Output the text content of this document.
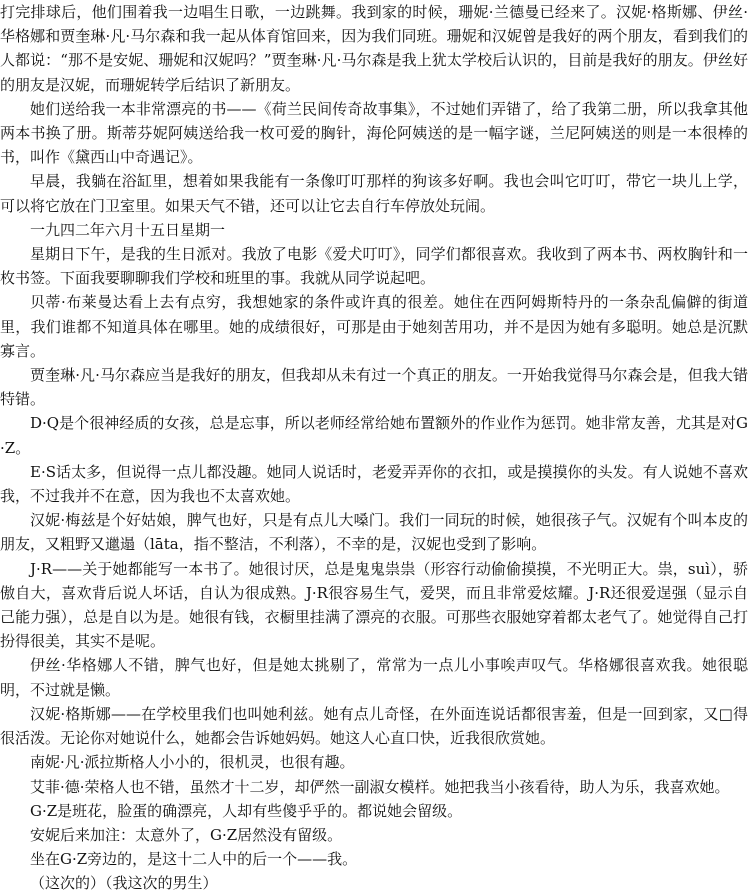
打完排球后，他们围着我一边唱生日歌，一边跳舞。我到家的时候，珊妮·兰德曼已经来了。汉妮·格斯娜、伊丝·华格娜和贾奎琳·凡·马尔森和我一起从体育馆回来，因为我们同班。珊妮和汉妮曾是我好的两个朋友，看到我们的人都说：“那不是安妮、珊妮和汉妮吗？”贾奎琳·凡·马尔森是我上犹太学校后认识的，目前是我好的朋友。伊丝好的朋友是汉妮，而珊妮转学后结识了新朋友。

她们送给我一本非常漂亮的书——《荷兰民间传奇故事集》，不过她们弄错了，给了我第二册，所以我拿其他两本书换了册。斯蒂芬妮阿姨送给我一枚可爱的胸针，海伦阿姨送的是一幅字谜，兰尼阿姨送的则是一本很棒的书，叫作《黛西山中奇遇记》。

早晨，我躺在浴缸里，想着如果我能有一条像叮叮那样的狗该多好啊。我也会叫它叮叮，带它一块儿上学，可以将它放在门卫室里。如果天气不错，还可以让它去自行车停放处玩闹。

一九四二年六月十五日星期一

星期日下午，是我的生日派对。我放了电影《爱犬叮叮》，同学们都很喜欢。我收到了两本书、两枚胸针和一枚书签。下面我要聊聊我们学校和班里的事。我就从同学说起吧。

贝蒂·布莱曼达看上去有点穷，我想她家的条件或许真的很差。她住在西阿姆斯特丹的一条杂乱偏僻的街道里，我们谁都不知道具体在哪里。她的成绩很好，可那是由于她刻苦用功，并不是因为她有多聪明。她总是沉默寡言。

贾奎琳·凡·马尔森应当是我好的朋友，但我却从未有过一个真正的朋友。一开始我觉得马尔森会是，但我大错特错。

D·Q是个很神经质的女孩，总是忘事，所以老师经常给她布置额外的作业作为惩罚。她非常友善，尤其是对G·Z。

E·S话太多，但说得一点儿都没趣。她同人说话时，老爱弄弄你的衣扣，或是摸摸你的头发。有人说她不喜欢我，不过我并不在意，因为我也不太喜欢她。

汉妮·梅兹是个好姑娘，脾气也好，只是有点儿大嗓门。我们一同玩的时候，她很孩子气。汉妮有个叫本皮的朋友，又粗野又邋遢（lāta，指不整洁，不利落），不幸的是，汉妮也受到了影响。

J·R——关于她都能写一本书了。她很讨厌，总是鬼鬼祟祟（形容行动偷偷摸摸，不光明正大。祟，suì），骄傲自大，喜欢背后说人坏话，自认为很成熟。J·R很容易生气，爱哭，而且非常爱炫耀。J·R还很爱逞强（显示自己能力强），总是自以为是。她很有钱，衣橱里挂满了漂亮的衣服。可那些衣服她穿着都太老气了。她觉得自己打扮得很美，其实不是呢。

伊丝·华格娜人不错，脾气也好，但是她太挑剔了，常常为一点儿小事唉声叹气。华格娜很喜欢我。她很聪明，不过就是懒。

汉妮·格斯娜——在学校里我们也叫她利兹。她有点儿奇怪，在外面连说话都很害羞，但是一回到家，又□得很活泼。无论你对她说什么，她都会告诉她妈妈。她这人心直口快，近我很欣赏她。

南妮·凡·派拉斯格人小小的，很机灵，也很有趣。

艾菲·德·荣格人也不错，虽然才十二岁，却俨然一副淑女模样。她把我当小孩看待，助人为乐，我喜欢她。

G·Z是班花，脸蛋的确漂亮，人却有些傻乎乎的。都说她会留级。

安妮后来加注：太意外了，G·Z居然没有留级。

坐在G·Z旁边的，是这十二人中的后一个——我。

（这次的）（我这次的男生）
